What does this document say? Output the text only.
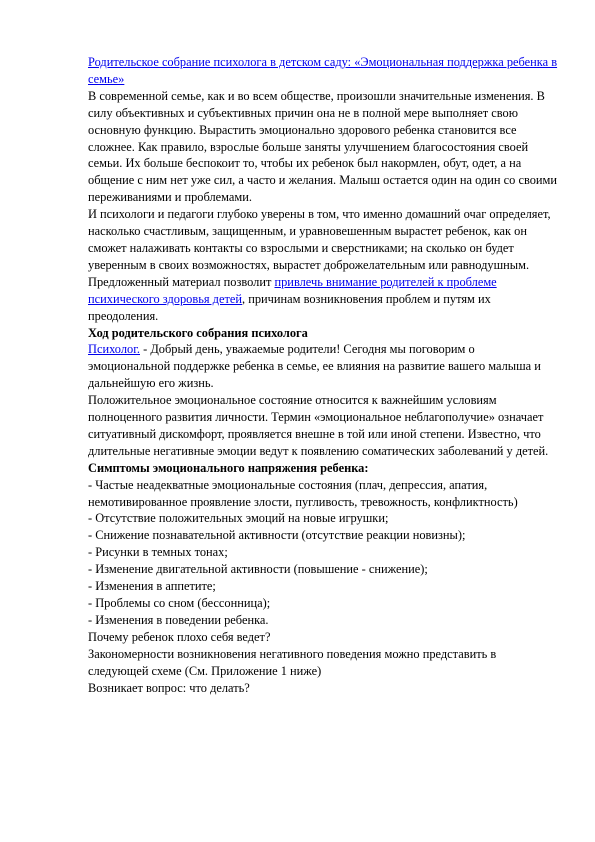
Родительское собрание психолога в детском саду: «Эмоциональная поддержка ребенка в семье»

В современной семье, как и во всем обществе, произошли значительные изменения. В силу объективных и субъективных причин она не в полной мере выполняет свою основную функцию. Вырастить эмоционально здорового ребенка становится все сложнее. Как правило, взрослые больше заняты улучшением благосостояния своей семьи. Их больше беспокоит то, чтобы их ребенок был накормлен, обут, одет, а на общение с ним нет уже сил, а часто и желания. Малыш остается один на один со своими переживаниями и проблемами.

И психологи и педагоги глубоко уверены в том, что именно домашний очаг определяет, насколько счастливым, защищенным, и уравновешенным вырастет ребенок, как он сможет налаживать контакты со взрослыми и сверстниками; на сколько он будет уверенным в своих возможностях, вырастет доброжелательным или равнодушным.

Предложенный материал позволит привлечь внимание родителей к проблеме психического здоровья детей, причинам возникновения проблем и путям их преодоления.

Ход родительского собрания психолога

Психолог. - Добрый день, уважаемые родители! Сегодня мы поговорим о эмоциональной поддержке ребенка в семье, ее влияния на развитие вашего малыша и дальнейшую его жизнь.

Положительное эмоциональное состояние относится к важнейшим условиям полноценного развития личности. Термин «эмоциональное неблагополучие» означает ситуативный дискомфорт, проявляется внешне в той или иной степени. Известно, что длительные негативные эмоции ведут к появлению соматических заболеваний у детей.

Симптомы эмоционального напряжения ребенка:

- Частые неадекватные эмоциональные состояния (плач, депрессия, апатия, немотивированное проявление злости, пугливость, тревожность, конфликтность)

- Отсутствие положительных эмоций на новые игрушки;

- Снижение познавательной активности (отсутствие реакции новизны);

- Рисунки в темных тонах;

- Изменение двигательной активности (повышение - снижение);

- Изменения в аппетите;

- Проблемы со сном (бессонница);

- Изменения в поведении ребенка.

Почему ребенок плохо себя ведет?

Закономерности возникновения негативного поведения можно представить в следующей схеме (См. Приложение 1 ниже)

Возникает вопрос: что делать?
